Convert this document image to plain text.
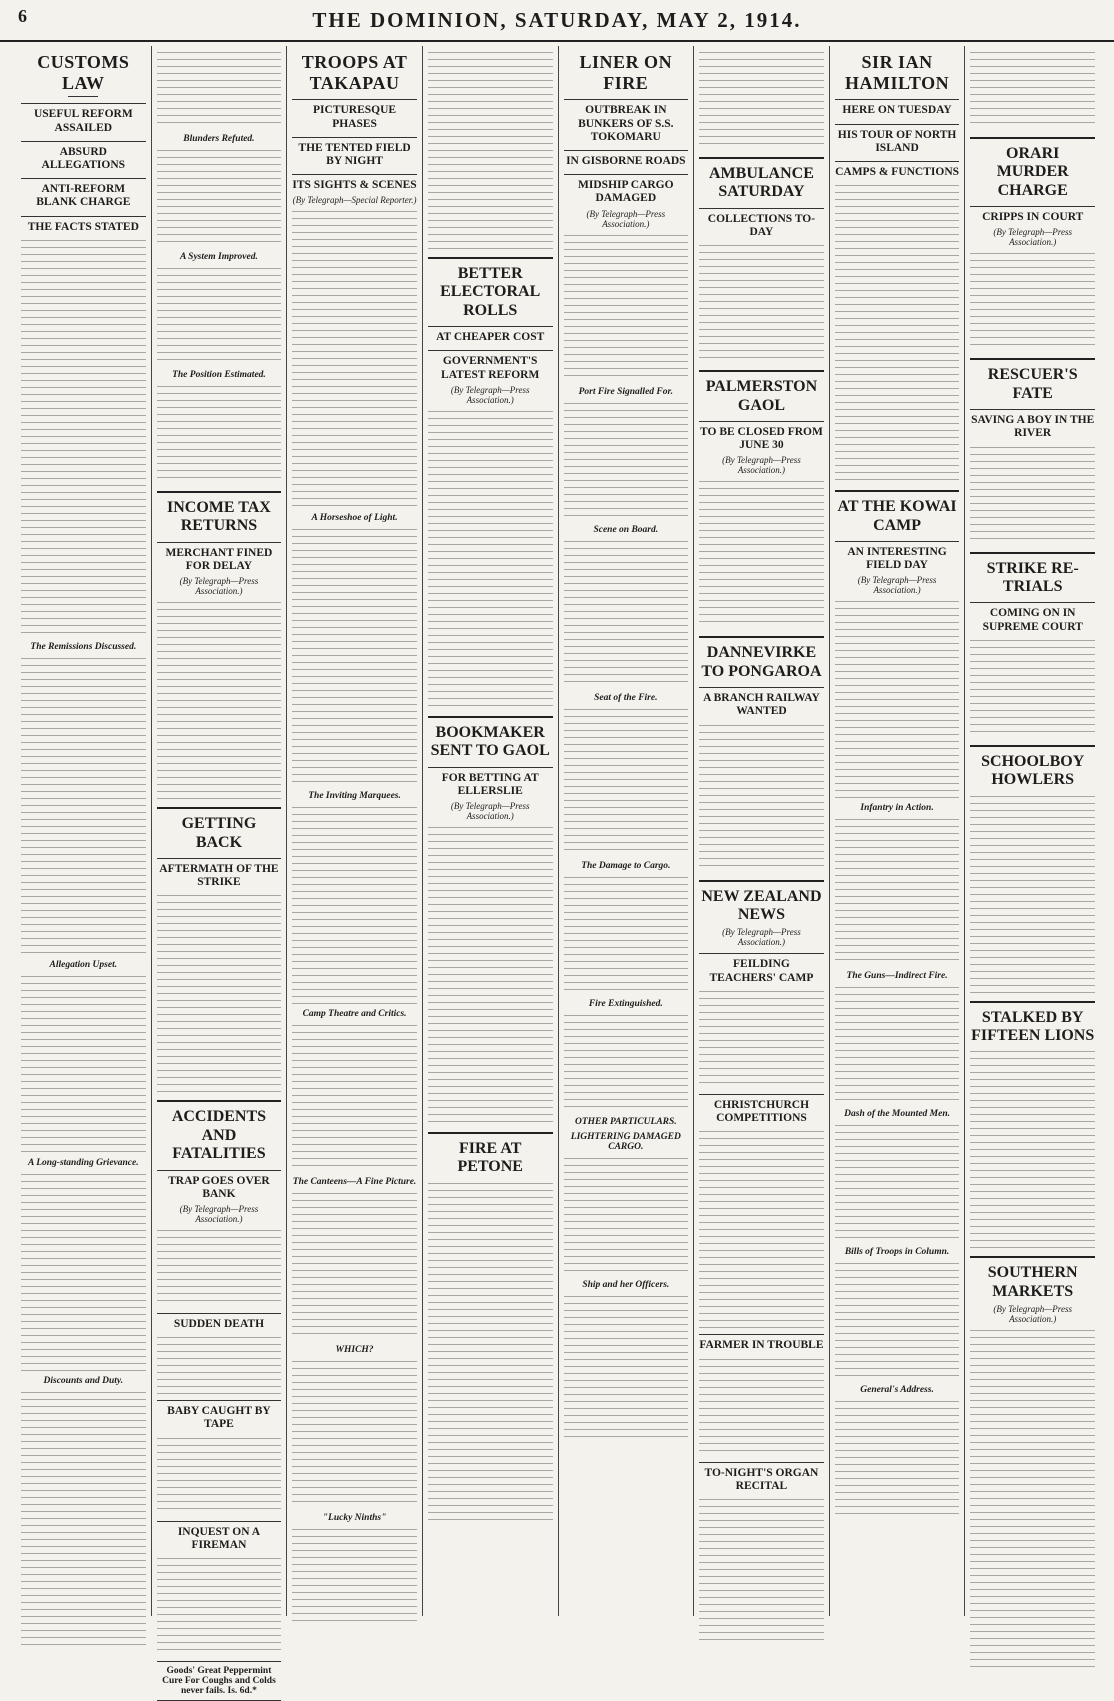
6	THE DOMINION, SATURDAY, MAY 2, 1914.
CUSTOMS LAW
USEFUL REFORM ASSAILED
ABSURD ALLEGATIONS
ANTI-REFORM BLANK CHARGE
THE FACTS STATED
The Remissions Discussed.
Allegation Upset.
A Long-standing Grievance.
Discounts and Duty.
Blunders Refuted.
A System Improved.
The Position Estimated.
INCOME TAX RETURNS
MERCHANT FINED FOR DELAY
(By Telegraph—Press Association.)
GETTING BACK
AFTERMATH OF THE STRIKE
ACCIDENTS AND FATALITIES
TRAP GOES OVER BANK
(By Telegraph—Press Association.)
SUDDEN DEATH
BABY CAUGHT BY TAPE
INQUEST ON A FIREMAN
Goods' Great Peppermint Cure For Coughs and Colds never fails. Is. 6d.*
TROOPS AT TAKAPAU
PICTURESQUE PHASES
THE TENTED FIELD BY NIGHT
ITS SIGHTS & SCENES
(By Telegraph—Special Reporter.)
A Horseshoe of Light.
The Inviting Marquees.
Camp Theatre and Critics.
The Canteens—A Fine Picture.
WHICH?
"Lucky Ninths"
BETTER ELECTORAL ROLLS
AT CHEAPER COST
GOVERNMENT'S LATEST REFORM
(By Telegraph—Press Association.)
BOOKMAKER SENT TO GAOL
FOR BETTING AT ELLERSLIE
(By Telegraph—Press Association.)
FIRE AT PETONE
LINER ON FIRE
OUTBREAK IN BUNKERS OF S.S. TOKOMARU
IN GISBORNE ROADS
MIDSHIP CARGO DAMAGED
(By Telegraph—Press Association.)
Port Fire Signalled For.
Scene on Board.
Seat of the Fire.
The Damage to Cargo.
Fire Extinguished.
OTHER PARTICULARS.
LIGHTERING DAMAGED CARGO.
Ship and her Officers.
AMBULANCE SATURDAY
COLLECTIONS TO-DAY
PALMERSTON GAOL
TO BE CLOSED FROM JUNE 30
(By Telegraph—Press Association.)
DANNEVIRKE TO PONGAROA
A BRANCH RAILWAY WANTED
NEW ZEALAND NEWS
(By Telegraph—Press Association.)
FEILDING TEACHERS' CAMP
CHRISTCHURCH COMPETITIONS
FARMER IN TROUBLE
TO-NIGHT'S ORGAN RECITAL
SIR IAN HAMILTON
HERE ON TUESDAY
HIS TOUR OF NORTH ISLAND
CAMPS & FUNCTIONS
AT THE KOWAI CAMP
AN INTERESTING FIELD DAY
(By Telegraph—Press Association.)
Infantry in Action.
The Guns—Indirect Fire.
Dash of the Mounted Men.
Bills of Troops in Column.
General's Address.
ORARI MURDER CHARGE
CRIPPS IN COURT
(By Telegraph—Press Association.)
RESCUER'S FATE
SAVING A BOY IN THE RIVER
STRIKE RE-TRIALS
COMING ON IN SUPREME COURT
SCHOOLBOY HOWLERS
STALKED BY FIFTEEN LIONS
SOUTHERN MARKETS
(By Telegraph—Press Association.)
